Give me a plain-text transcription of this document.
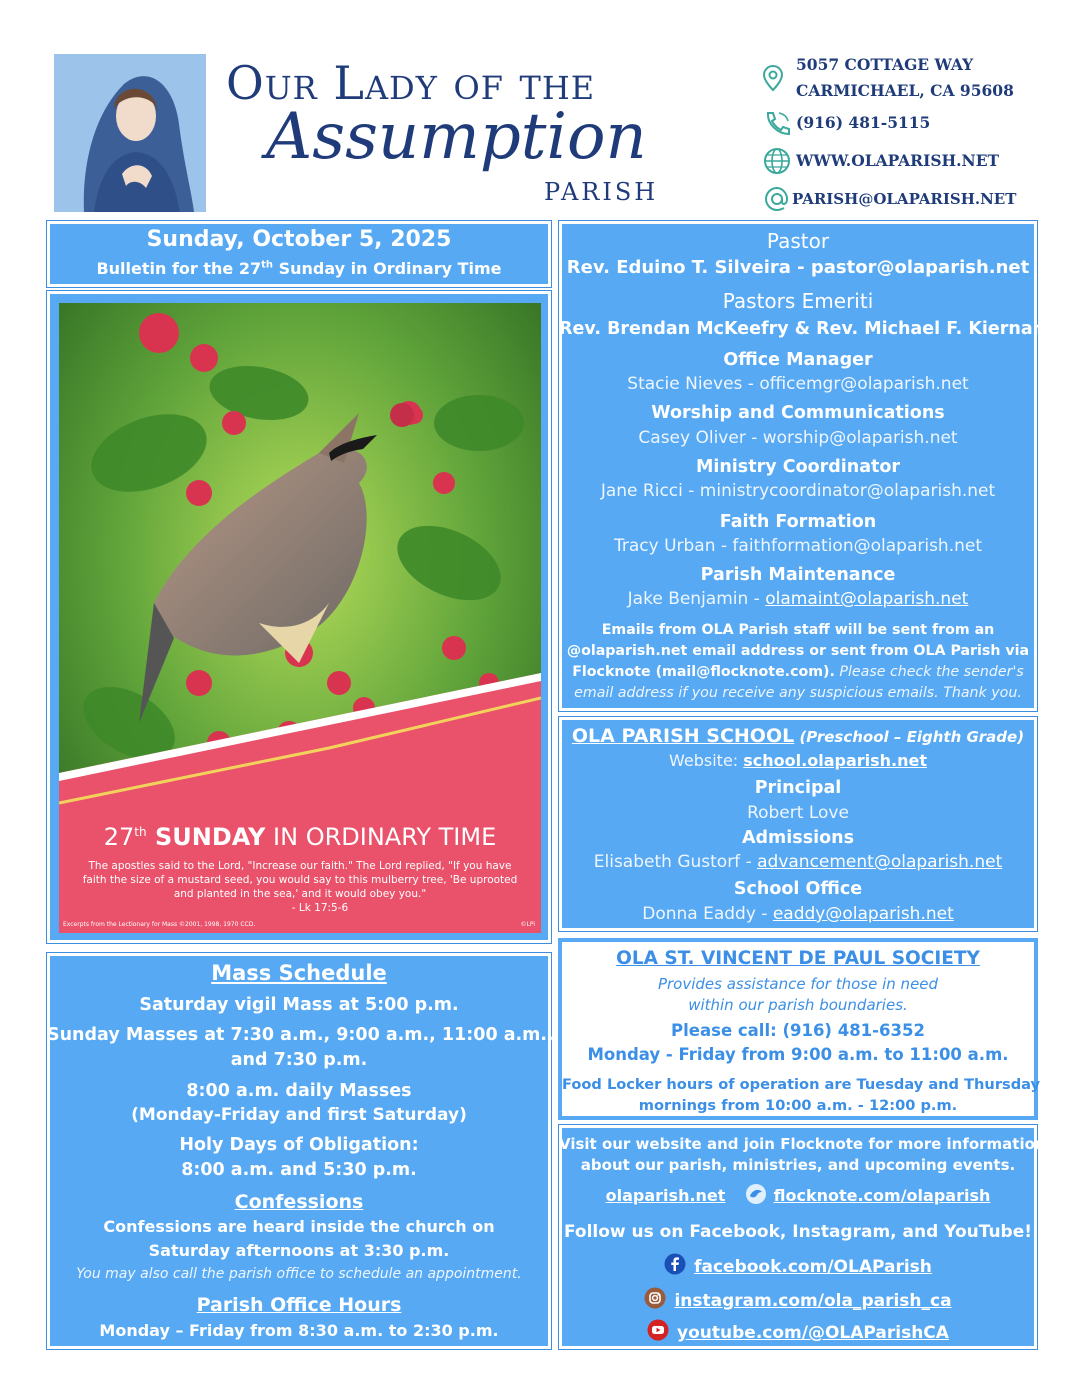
Our Lady of the
Assumption
PARISH
5057 COTTAGE WAY
CARMICHAEL, CA 95608
(916) 481-5115
WWW.OLAPARISH.NET
PARISH@OLAPARISH.NET
Sunday, October 5, 2025
Bulletin for the 27th Sunday in Ordinary Time
27th SUNDAY IN ORDINARY TIME
The apostles said to the Lord, "Increase our faith." The Lord replied, "If you have
faith the size of a mustard seed, you would say to this mulberry tree, 'Be uprooted
and planted in the sea,' and it would obey you."
- Lk 17:5-6
Excerpts from the Lectionary for Mass ©2001, 1998, 1970 CCD.	©LPi
Mass Schedule
Saturday vigil Mass at 5:00 p.m.
Sunday Masses at 7:30 a.m., 9:00 a.m., 11:00 a.m.,
and 7:30 p.m.
8:00 a.m. daily Masses
(Monday-Friday and first Saturday)
Holy Days of Obligation:
8:00 a.m. and 5:30 p.m.
Confessions
Confessions are heard inside the church on
Saturday afternoons at 3:30 p.m.
You may also call the parish office to schedule an appointment.
Parish Office Hours
Monday – Friday from 8:30 a.m. to 2:30 p.m.
Pastor
Rev. Eduino T. Silveira - pastor@olaparish.net
Pastors Emeriti
Rev. Brendan McKeefry & Rev. Michael F. Kiernan
Office Manager
Stacie Nieves - officemgr@olaparish.net
Worship and Communications
Casey Oliver - worship@olaparish.net
Ministry Coordinator
Jane Ricci - ministrycoordinator@olaparish.net
Faith Formation
Tracy Urban - faithformation@olaparish.net
Parish Maintenance
Jake Benjamin - olamaint@olaparish.net
Emails from OLA Parish staff will be sent from an
@olaparish.net email address or sent from OLA Parish via
Flocknote (mail@flocknote.com). Please check the sender's
email address if you receive any suspicious emails. Thank you.
OLA PARISH SCHOOL (Preschool – Eighth Grade)
Website: school.olaparish.net
Principal
Robert Love
Admissions
Elisabeth Gustorf - advancement@olaparish.net
School Office
Donna Eaddy - eaddy@olaparish.net
OLA ST. VINCENT DE PAUL SOCIETY
Provides assistance for those in need
within our parish boundaries.
Please call: (916) 481-6352
Monday - Friday from 9:00 a.m. to 11:00 a.m.
Food Locker hours of operation are Tuesday and Thursday
mornings from 10:00 a.m. - 12:00 p.m.
Visit our website and join Flocknote for more information
about our parish, ministries, and upcoming events.
olaparish.net	flocknote.com/olaparish
Follow us on Facebook, Instagram, and YouTube!
facebook.com/OLAParish
instagram.com/ola_parish_ca
youtube.com/@OLAParishCA
